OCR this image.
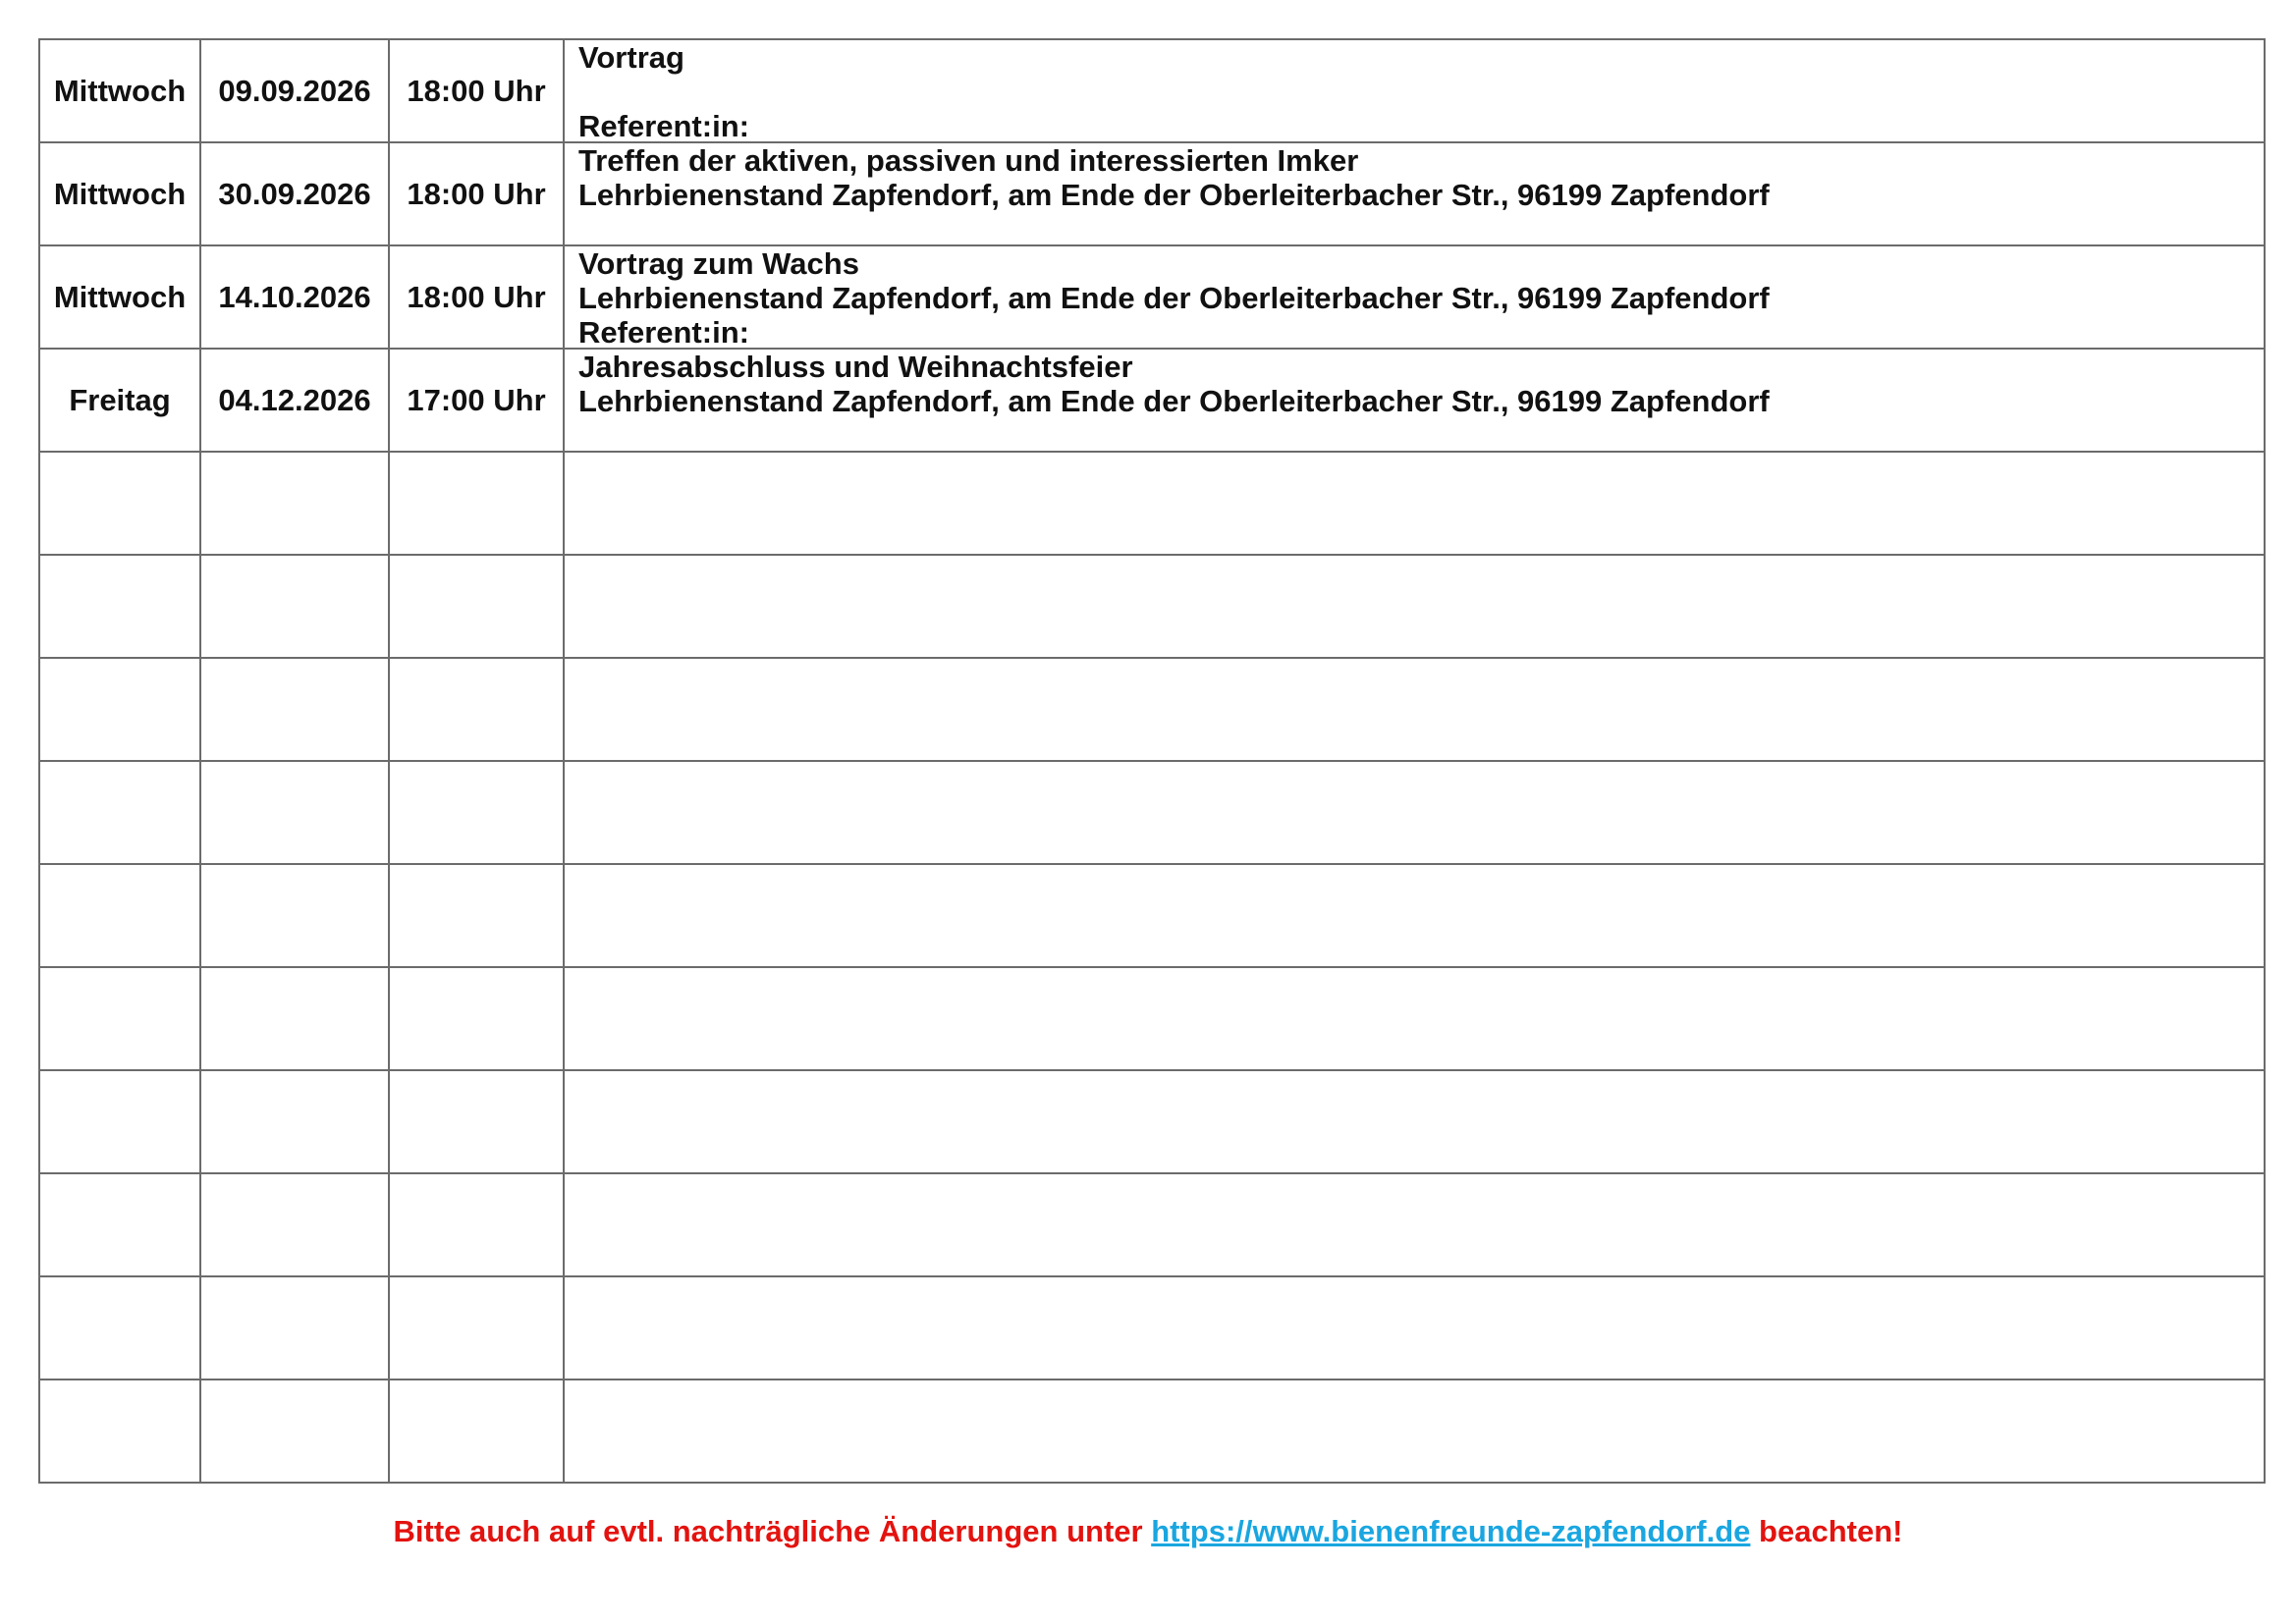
Mittwoch	09.09.2026	18:00 Uhr	Vortrag
Referent:in:

Mittwoch	30.09.2026	18:00 Uhr	Treffen der aktiven, passiven und interessierten Imker
Lehrbienenstand Zapfendorf, am Ende der Oberleiterbacher Str., 96199 Zapfendorf

Mittwoch	14.10.2026	18:00 Uhr	Vortrag zum Wachs
Lehrbienenstand Zapfendorf, am Ende der Oberleiterbacher Str., 96199 Zapfendorf
Referent:in:

Freitag	04.12.2026	17:00 Uhr	Jahresabschluss und Weihnachtsfeier
Lehrbienenstand Zapfendorf, am Ende der Oberleiterbacher Str., 96199 Zapfendorf

Bitte auch auf evtl. nachträgliche Änderungen unter https://www.bienenfreunde-zapfendorf.de beachten!
